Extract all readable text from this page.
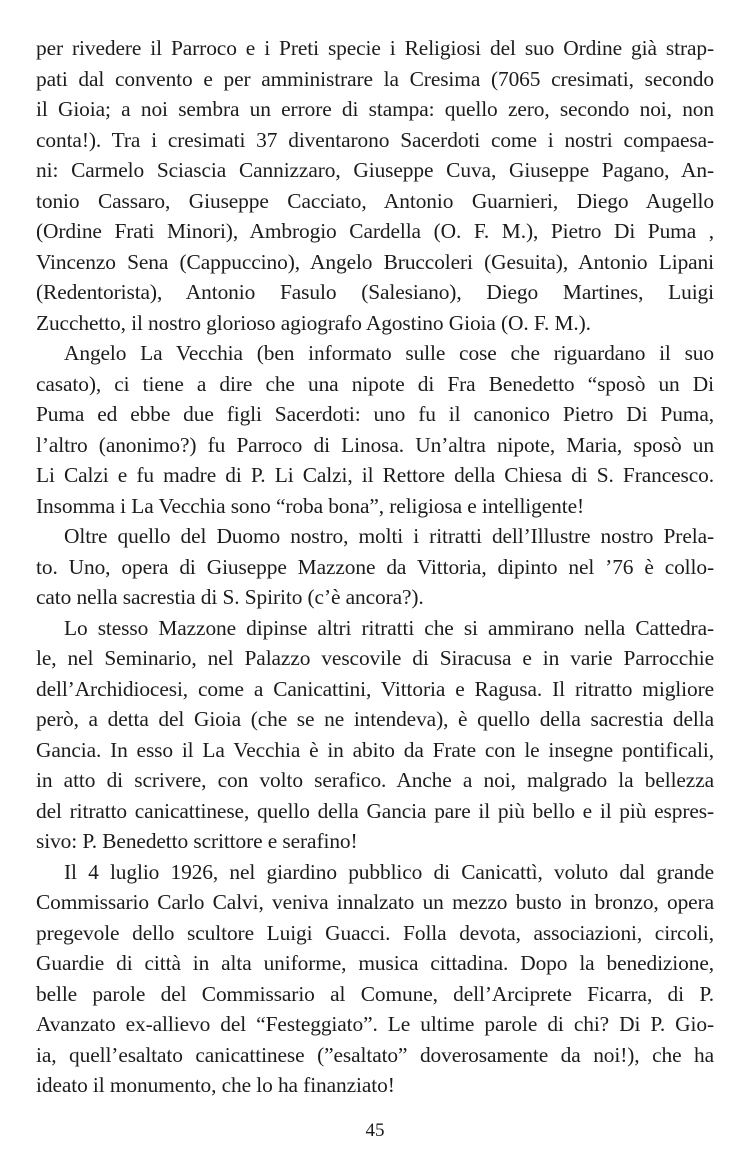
per rivedere il Parroco e i Preti specie i Religiosi del suo Ordine già strap-
pati dal convento e per amministrare la Cresima (7065 cresimati, secondo
il Gioia; a noi sembra un errore di stampa: quello zero, secondo noi, non
conta!). Tra i cresimati 37 diventarono Sacerdoti come i nostri compaesa-
ni: Carmelo Sciascia Cannizzaro, Giuseppe Cuva, Giuseppe Pagano, An-
tonio Cassaro, Giuseppe Cacciato, Antonio Guarnieri, Diego Augello
(Ordine Frati Minori), Ambrogio Cardella (O. F. M.), Pietro Di Puma ,
Vincenzo Sena (Cappuccino), Angelo Bruccoleri (Gesuita), Antonio Lipani
(Redentorista), Antonio Fasulo (Salesiano), Diego Martines, Luigi
Zucchetto, il nostro glorioso agiografo Agostino Gioia (O. F. M.).
Angelo La Vecchia (ben informato sulle cose che riguardano il suo
casato), ci tiene a dire che una nipote di Fra Benedetto “sposò un Di
Puma ed ebbe due figli Sacerdoti: uno fu il canonico Pietro Di Puma,
l’altro (anonimo?) fu Parroco di Linosa. Un’altra nipote, Maria, sposò un
Li Calzi e fu madre di P. Li Calzi, il Rettore della Chiesa di S. Francesco.
Insomma i La Vecchia sono “roba bona”, religiosa e intelligente!
Oltre quello del Duomo nostro, molti i ritratti dell’Illustre nostro Prela-
to. Uno, opera di Giuseppe Mazzone da Vittoria, dipinto nel ’76 è collo-
cato nella sacrestia di S. Spirito (c’è ancora?).
Lo stesso Mazzone dipinse altri ritratti che si ammirano nella Cattedra-
le, nel Seminario, nel Palazzo vescovile di Siracusa e in varie Parrocchie
dell’Archidiocesi, come a Canicattini, Vittoria e Ragusa. Il ritratto migliore
però, a detta del Gioia (che se ne intendeva), è quello della sacrestia della
Gancia. In esso il La Vecchia è in abito da Frate con le insegne pontificali,
in atto di scrivere, con volto serafico. Anche a noi, malgrado la bellezza
del ritratto canicattinese, quello della Gancia pare il più bello e il più espres-
sivo: P. Benedetto scrittore e serafino!
Il 4 luglio 1926, nel giardino pubblico di Canicattì, voluto dal grande
Commissario Carlo Calvi, veniva innalzato un mezzo busto in bronzo, opera
pregevole dello scultore Luigi Guacci. Folla devota, associazioni, circoli,
Guardie di città in alta uniforme, musica cittadina. Dopo la benedizione,
belle parole del Commissario al Comune, dell’Arciprete Ficarra, di P.
Avanzato ex-allievo del “Festeggiato”. Le ultime parole di chi? Di P. Gio-
ia, quell’esaltato canicattinese (”esaltato” doverosamente da noi!), che ha
ideato il monumento, che lo ha finanziato!
45
